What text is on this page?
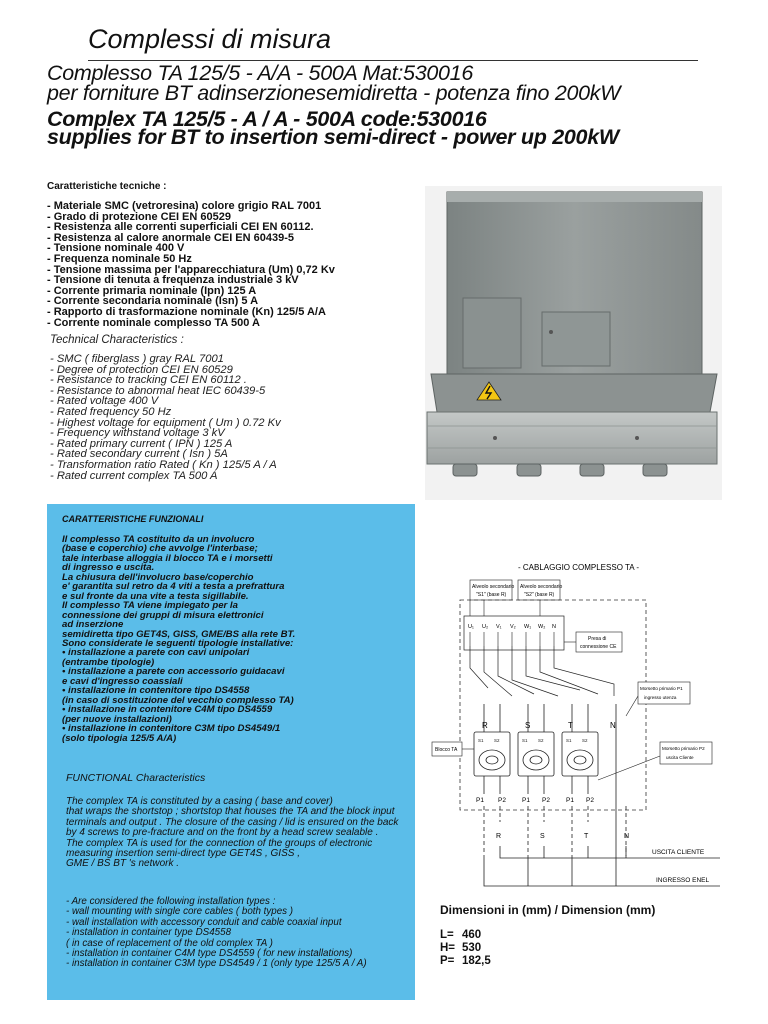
Complessi di misura
Complesso TA 125/5 - A/A - 500A Mat:530016
per forniture BT adinserzionesemidiretta - potenza fino 200kW
Complex TA 125/5 - A / A - 500A code:530016
supplies for BT to insertion semi-direct - power up 200kW
Caratteristiche tecniche :
- Materiale SMC (vetroresina) colore grigio RAL 7001
- Grado di protezione CEI EN 60529
- Resistenza alle correnti superficiali CEI EN 60112.
- Resistenza al calore anormale CEI EN 60439-5
- Tensione nominale 400 V
- Frequenza nominale 50 Hz
- Tensione massima per l'apparecchiatura (Um) 0,72 Kv
- Tensione di tenuta a frequenza industriale 3 kV
- Corrente primaria nominale (Ipn) 125 A
- Corrente secondaria nominale (Isn) 5 A
- Rapporto di trasformazione nominale (Kn) 125/5 A/A
- Corrente nominale complesso TA 500 A
Technical Characteristics :
- SMC ( fiberglass ) gray RAL 7001
- Degree of protection CEI EN 60529
- Resistance to tracking CEI EN 60112 .
- Resistance to abnormal heat IEC 60439-5
- Rated voltage 400 V
- Rated frequency 50 Hz
- Highest voltage for equipment ( Um ) 0.72 Kv
- Frequency withstand voltage 3 kV
- Rated primary current ( IPN ) 125 A
- Rated secondary current ( Isn ) 5A
- Transformation ratio Rated ( Kn ) 125/5 A / A
- Rated current complex TA 500 A
CARATTERISTICHE FUNZIONALI
Il complesso TA costituito da un involucro
(base e coperchio) che avvolge l'interbase;
tale interbase alloggia il blocco TA e i morsetti
di ingresso e uscita.
La chiusura dell'involucro base/coperchio
e' garantita sul retro da 4 viti a testa a prefrattura
e sul fronte da una vite a testa sigillabile.
Il complesso TA viene impiegato per la
connessione dei gruppi di misura elettronici
ad inserzione
semidiretta tipo GET4S, GISS, GME/BS alla rete BT.
Sono considerate le seguenti tipologie installative:
• installazione a parete con cavi unipolari
(entrambe tipologie)
• installazione a parete con accessorio guidacavi
e cavi d'ingresso coassiali
• installazione in contenitore tipo DS4558
(in caso di sostituzione del vecchio complesso TA)
• installazione in contenitore C4M tipo DS4559
(per nuove installazioni)
• installazione in contenitore C3M tipo DS4549/1
(solo tipologia 125/5 A/A)
FUNCTIONAL Characteristics
The complex TA is constituted by a casing ( base and cover)
that wraps the shortstop ; shortstop that houses the TA and the block input
terminals and output . The closure of the casing / lid is ensured on the back
by 4 screws to pre-fracture and on the front by a head screw sealable .
The complex TA is used for the connection of the groups of electronic
measuring insertion semi-direct type GET4S , GISS ,
GME / BS BT 's network .
- Are considered the following installation types :
- wall mounting with single core cables ( both types )
- wall installation with accessory conduit and cable coaxial input
- installation in container type DS4558
( in case of replacement of the old complex TA )
- installation in container C4M type DS4559 ( for new installations)
- installation in container C3M type DS4549 / 1 (only type 125/5 A / A)
- CABLAGGIO COMPLESSO TA -
Alveolo secondario
"S1" (base R)
Alveolo secondario
"S2" (base R)
U₁ U₂ V₁ V₂ W₁ W₂ N
Presa di
connessione CE
Morsetto primario P1
ingresso utenza
Morsetto primario P2
uscita Cliente
R	S	T	N
Blocco TA
S1 S2	S1 S2	S1 S2
P1 P2 P1 P2 P1 P2
R	S	T	N
USCITA CLIENTE
INGRESSO ENEL
Dimensioni in (mm) / Dimension (mm)
L= 460
H= 530
P= 182,5
